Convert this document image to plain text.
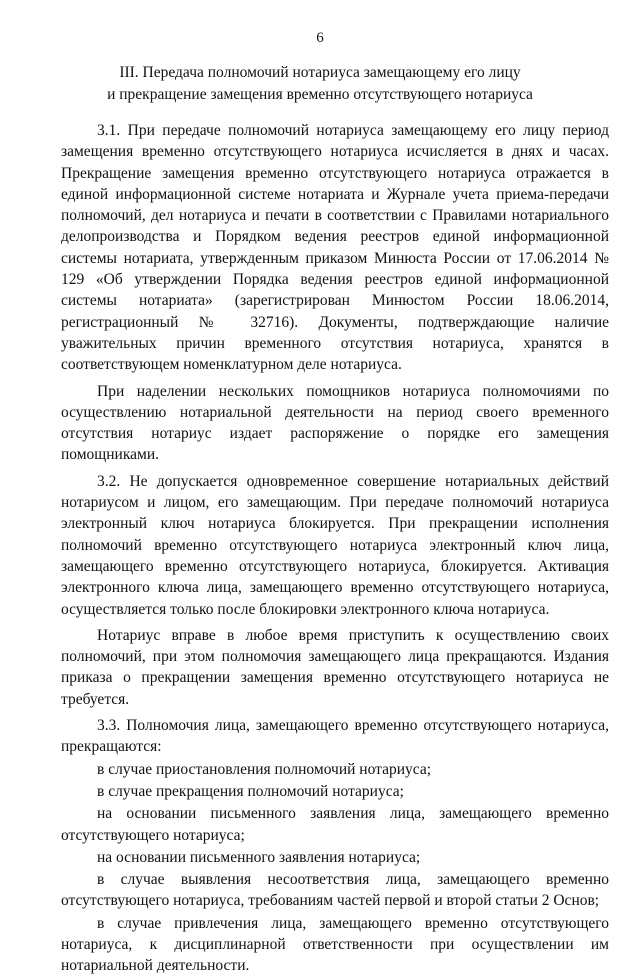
6
III. Передача полномочий нотариуса замещающему его лицу
и прекращение замещения временно отсутствующего нотариуса

3.1. При передаче полномочий нотариуса замещающему его лицу период замещения временно отсутствующего нотариуса исчисляется в днях и часах. Прекращение замещения временно отсутствующего нотариуса отражается в единой информационной системе нотариата и Журнале учета приема-передачи полномочий, дел нотариуса и печати в соответствии с Правилами нотариального делопроизводства и Порядком ведения реестров единой информационной системы нотариата, утвержденным приказом Минюста России от 17.06.2014 № 129 «Об утверждении Порядка ведения реестров единой информационной системы нотариата» (зарегистрирован Минюстом России 18.06.2014, регистрационный № 32716). Документы, подтверждающие наличие уважительных причин временного отсутствия нотариуса, хранятся в соответствующем номенклатурном деле нотариуса.

При наделении нескольких помощников нотариуса полномочиями по осуществлению нотариальной деятельности на период своего временного отсутствия нотариус издает распоряжение о порядке его замещения помощниками.

3.2. Не допускается одновременное совершение нотариальных действий нотариусом и лицом, его замещающим. При передаче полномочий нотариуса электронный ключ нотариуса блокируется. При прекращении исполнения полномочий временно отсутствующего нотариуса электронный ключ лица, замещающего временно отсутствующего нотариуса, блокируется. Активация электронного ключа лица, замещающего временно отсутствующего нотариуса, осуществляется только после блокировки электронного ключа нотариуса.

Нотариус вправе в любое время приступить к осуществлению своих полномочий, при этом полномочия замещающего лица прекращаются. Издания приказа о прекращении замещения временно отсутствующего нотариуса не требуется.

3.3. Полномочия лица, замещающего временно отсутствующего нотариуса, прекращаются:

в случае приостановления полномочий нотариуса;

в случае прекращения полномочий нотариуса;

на основании письменного заявления лица, замещающего временно отсутствующего нотариуса;

на основании письменного заявления нотариуса;

в случае выявления несоответствия лица, замещающего временно отсутствующего нотариуса, требованиям частей первой и второй статьи 2 Основ;

в случае привлечения лица, замещающего временно отсутствующего нотариуса, к дисциплинарной ответственности при осуществлении им нотариальной деятельности.
